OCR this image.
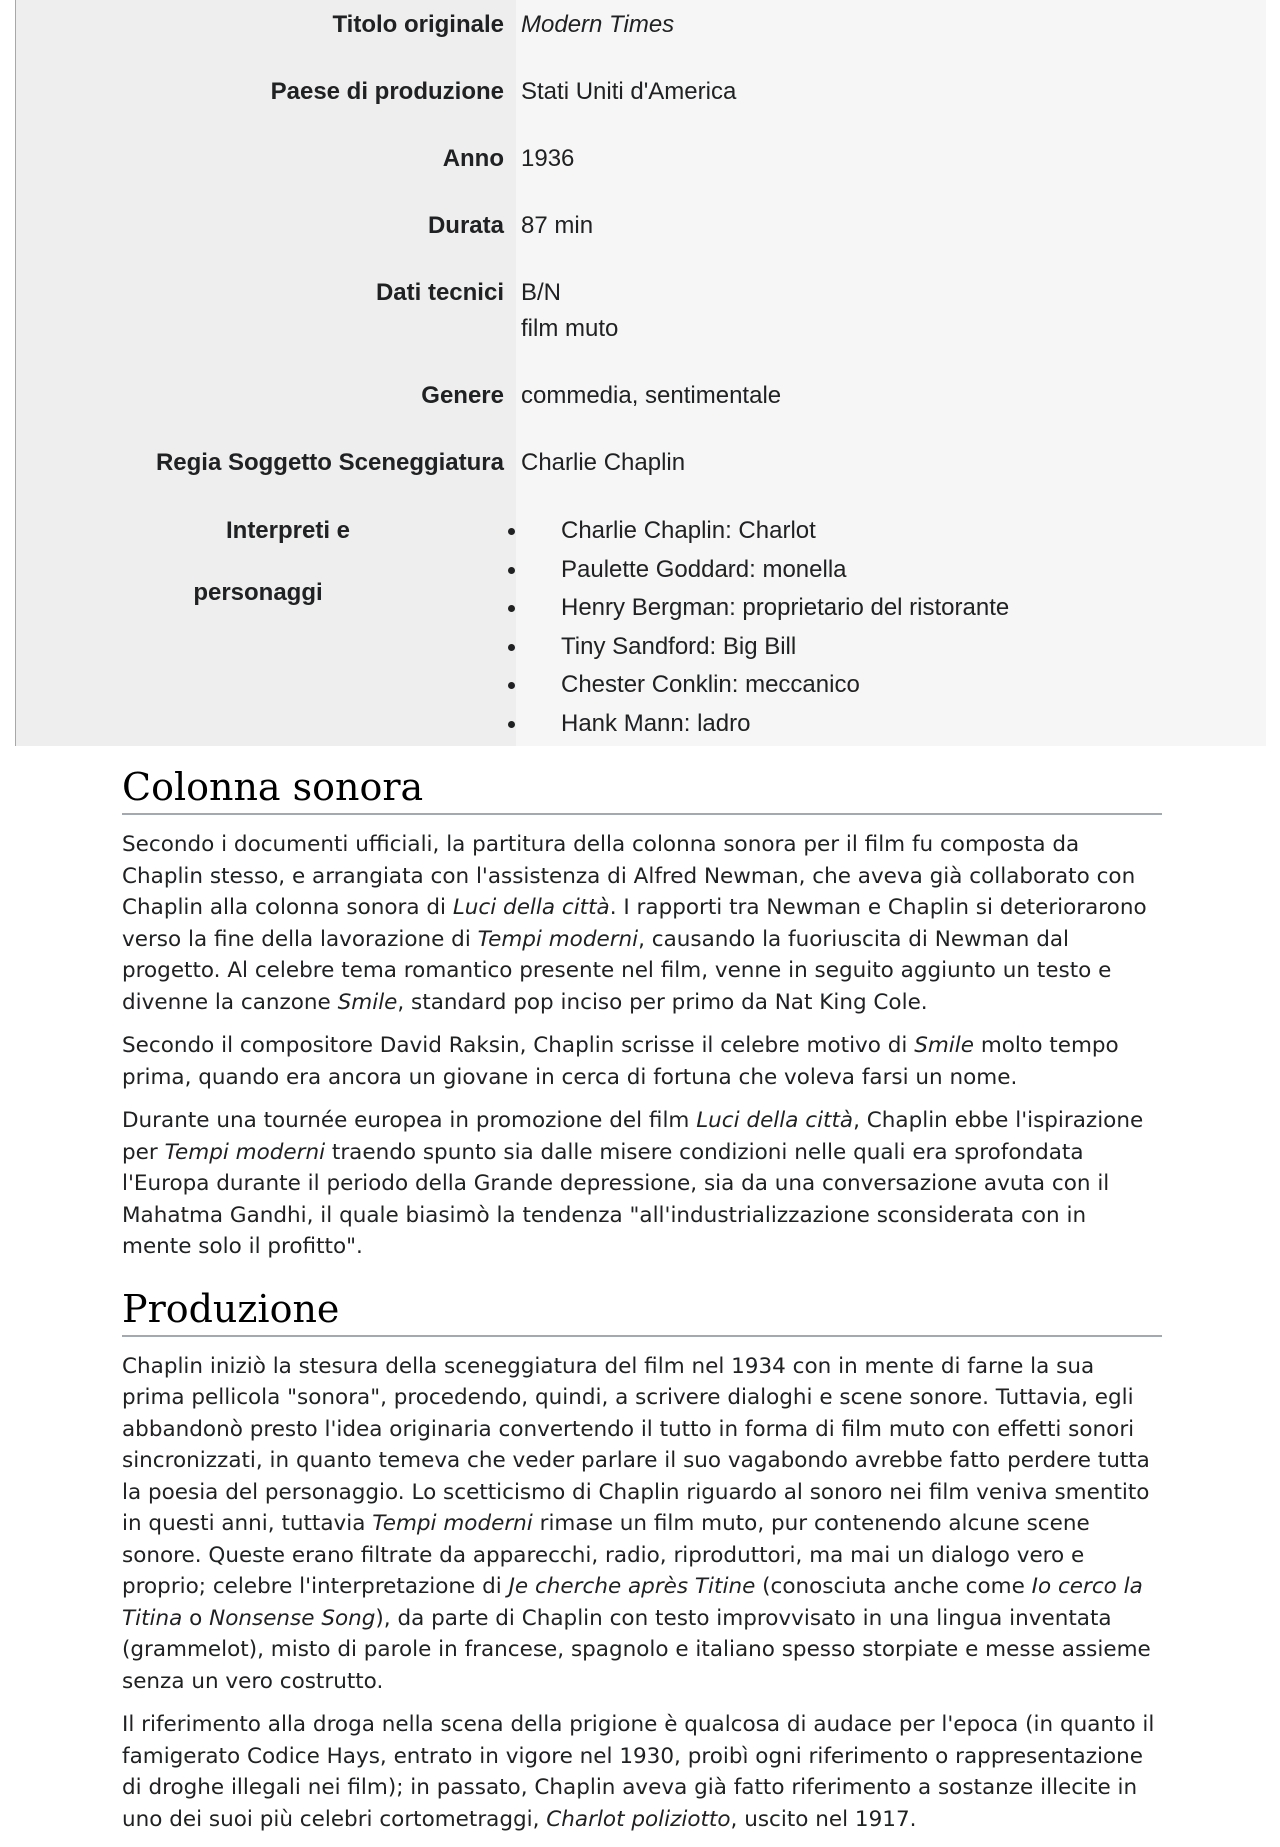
Titolo originale Modern Times
Paese di produzione Stati Uniti d'America
Anno 1936
Durata 87 min
Dati tecnici B/N
film muto
Genere commedia, sentimentale
Regia Soggetto Sceneggiatura Charlie Chaplin
Interpreti e
personaggi
Charlie Chaplin: Charlot
Paulette Goddard: monella
Henry Bergman: proprietario del ristorante
Tiny Sandford: Big Bill
Chester Conklin: meccanico
Hank Mann: ladro
Colonna sonora

Secondo i documenti ufficiali, la partitura della colonna sonora per il film fu composta da Chaplin stesso, e arrangiata con l'assistenza di Alfred Newman, che aveva già collaborato con Chaplin alla colonna sonora di Luci della città. I rapporti tra Newman e Chaplin si deteriorarono verso la fine della lavorazione di Tempi moderni, causando la fuoriuscita di Newman dal progetto. Al celebre tema romantico presente nel film, venne in seguito aggiunto un testo e divenne la canzone Smile, standard pop inciso per primo da Nat King Cole.

Secondo il compositore David Raksin, Chaplin scrisse il celebre motivo di Smile molto tempo prima, quando era ancora un giovane in cerca di fortuna che voleva farsi un nome.

Durante una tournée europea in promozione del film Luci della città, Chaplin ebbe l'ispirazione per Tempi moderni traendo spunto sia dalle misere condizioni nelle quali era sprofondata l'Europa durante il periodo della Grande depressione, sia da una conversazione avuta con il Mahatma Gandhi, il quale biasimò la tendenza "all'industrializzazione sconsiderata con in mente solo il profitto".

Produzione

Chaplin iniziò la stesura della sceneggiatura del film nel 1934 con in mente di farne la sua prima pellicola "sonora", procedendo, quindi, a scrivere dialoghi e scene sonore. Tuttavia, egli abbandonò presto l'idea originaria convertendo il tutto in forma di film muto con effetti sonori sincronizzati, in quanto temeva che veder parlare il suo vagabondo avrebbe fatto perdere tutta la poesia del personaggio. Lo scetticismo di Chaplin riguardo al sonoro nei film veniva smentito in questi anni, tuttavia Tempi moderni rimase un film muto, pur contenendo alcune scene sonore. Queste erano filtrate da apparecchi, radio, riproduttori, ma mai un dialogo vero e proprio; celebre l'interpretazione di Je cherche après Titine (conosciuta anche come Io cerco la Titina o Nonsense Song), da parte di Chaplin con testo improvvisato in una lingua inventata (grammelot), misto di parole in francese, spagnolo e italiano spesso storpiate e messe assieme senza un vero costrutto.

Il riferimento alla droga nella scena della prigione è qualcosa di audace per l'epoca (in quanto il famigerato Codice Hays, entrato in vigore nel 1930, proibì ogni riferimento o rappresentazione di droghe illegali nei film); in passato, Chaplin aveva già fatto riferimento a sostanze illecite in uno dei suoi più celebri cortometraggi, Charlot poliziotto, uscito nel 1917.
